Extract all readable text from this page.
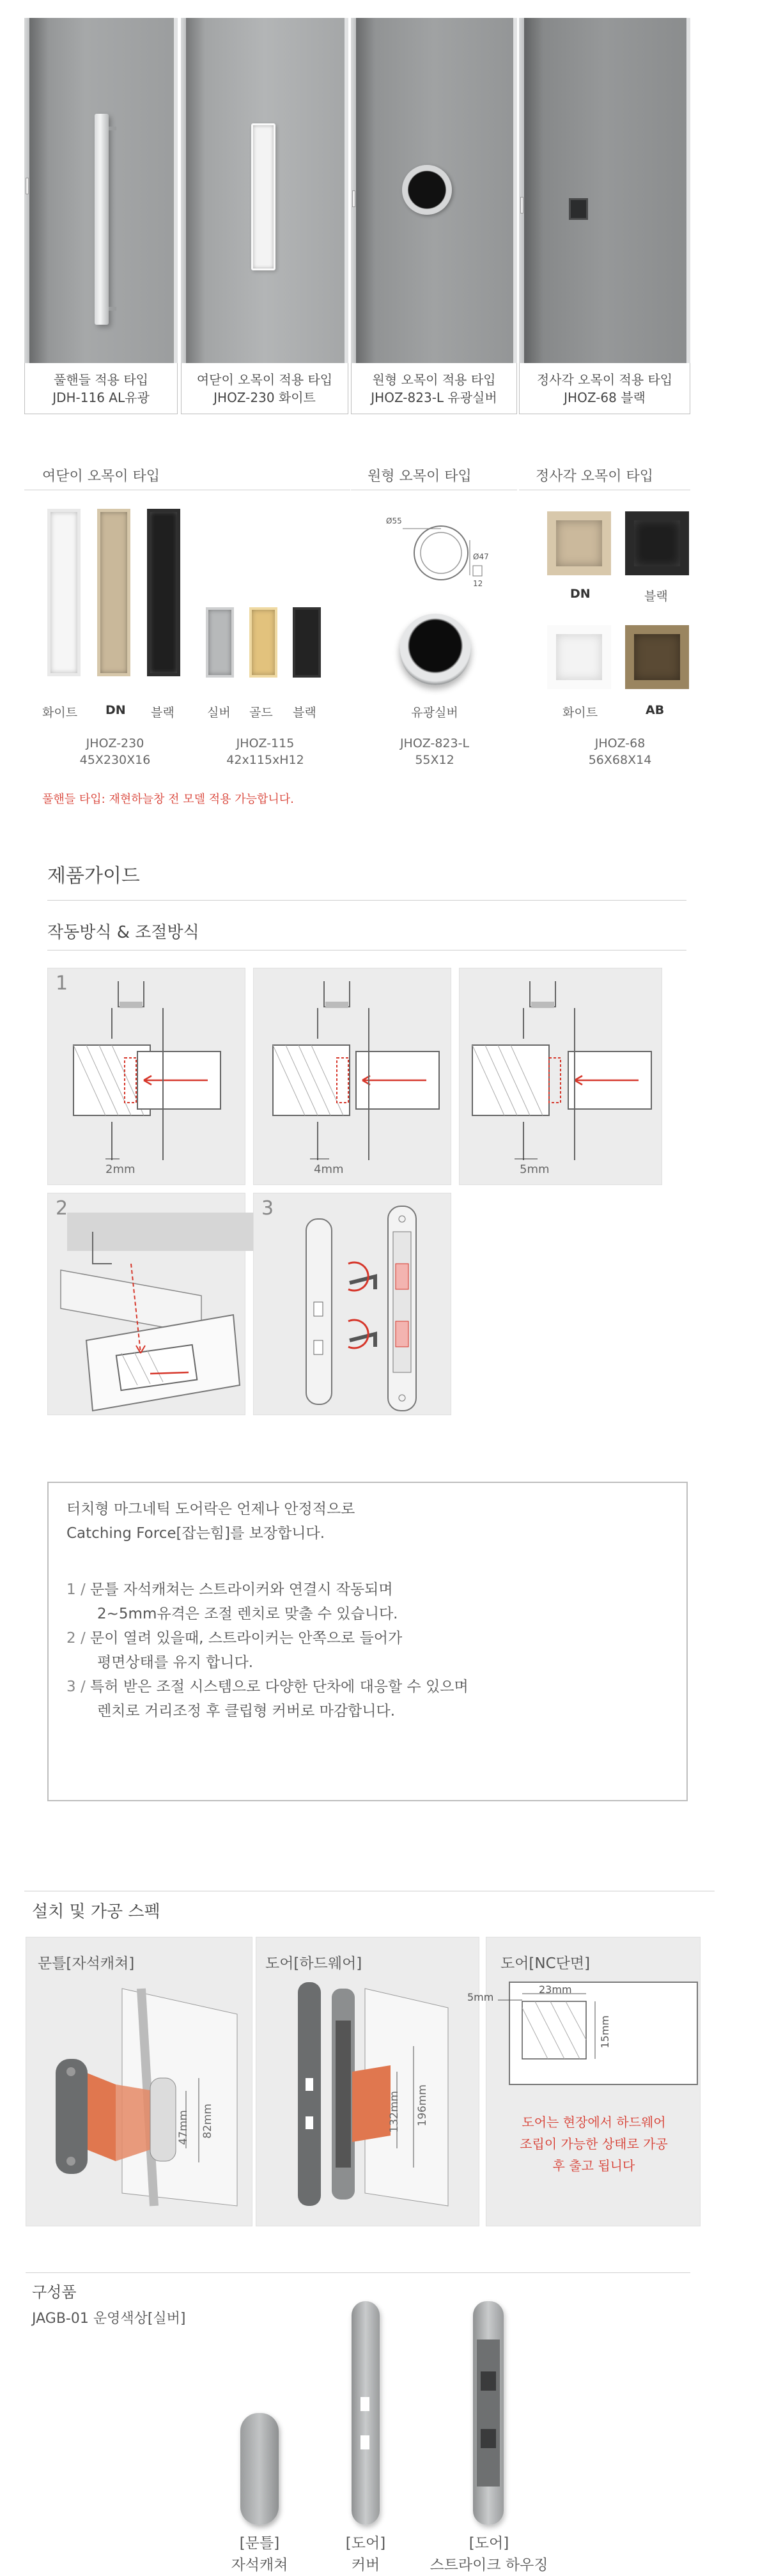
풀핸들 적용 타입
JDH-116 AL유광
여닫이 오목이 적용 타입
JHOZ-230 화이트
원형 오목이 적용 타입
JHOZ-823-L 유광실버
정사각 오목이 적용 타입
JHOZ-68 블랙
여닫이 오목이 타입	원형 오목이 타입	정사각 오목이 타입
화이트 DN 블랙	실버 골드 블랙
JHOZ-230
45X230X16
JHOZ-115
42x115xH12
Ø55
Ø47
12
유광실버
JHOZ-823-L
55X12
DN	블랙
화이트	AB
JHOZ-68
56X68X14
풀핸들 타입: 재현하늘창 전 모델 적용 가능합니다.
제품가이드
작동방식 & 조절방식
1
2mm	4mm	5mm
2	3

터치형 마그네틱 도어락은 언제나 안정적으로

Catching Force[잡는힘]를 보장합니다.

1 / 문틀 자석캐쳐는 스트라이커와 연결시 작동되며

2~5mm유격은 조절 렌치로 맞출 수 있습니다.

2 / 문이 열려 있을때, 스트라이커는 안쪽으로 들어가

평면상태를 유지 합니다.

3 / 특허 받은 조절 시스템으로 다양한 단차에 대응할 수 있으며

렌치로 거리조정 후 클립형 커버로 마감합니다.

설치 및 가공 스펙
문틀[자석캐쳐]
47mm 82mm
도어[하드웨어]
132mm 196mm
도어[NC단면]
5mm
23mm
15mm
도어는 현장에서 하드웨어
조립이 가능한 상태로 가공
후 출고 됩니다
구성품
JAGB-01 운영색상[실버]
[문틀]
자석캐쳐
[도어]
커버
[도어]
스트라이크 하우징
